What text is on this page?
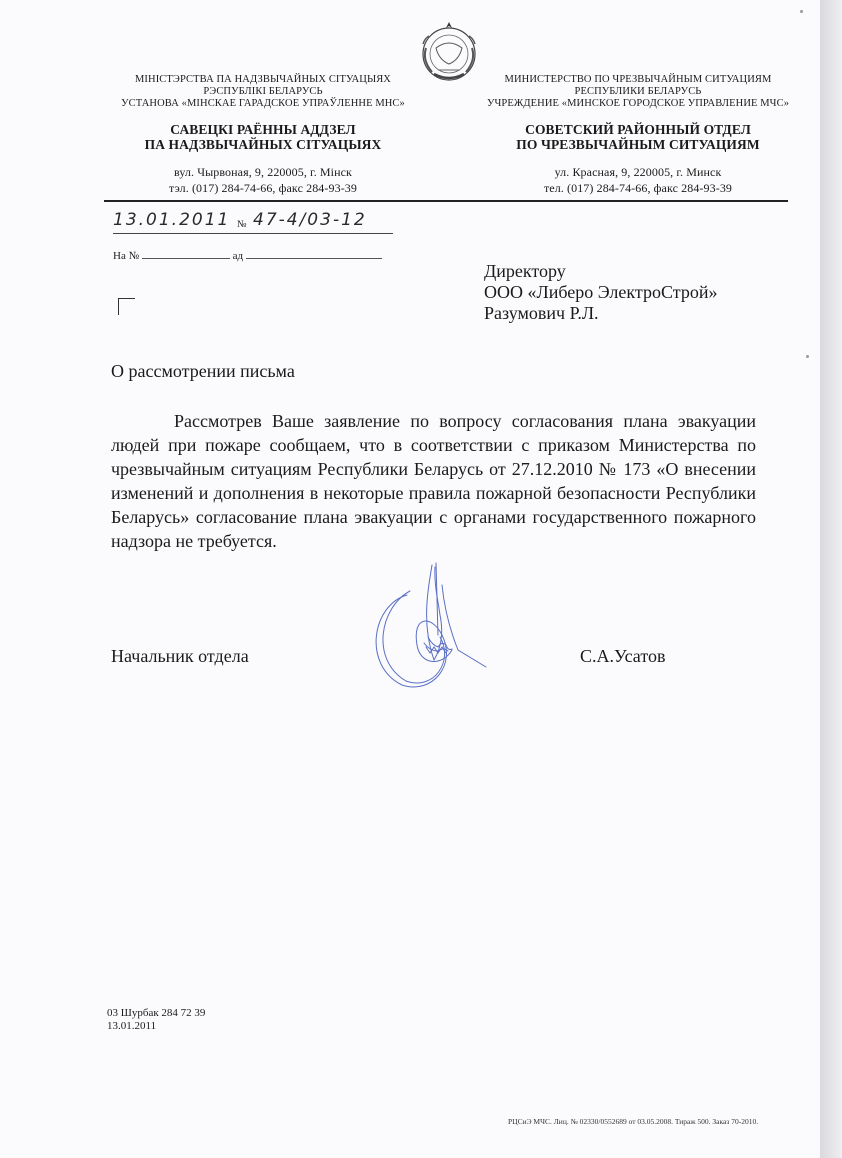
МІНІСТЭРСТВА ПА НАДЗВЫЧАЙНЫХ СІТУАЦЫЯХ
РЭСПУБЛІКІ БЕЛАРУСЬ
УСТАНОВА «МІНСКАЕ ГАРАДСКОЕ УПРАЎЛЕННЕ МНС»
САВЕЦКІ РАЁННЫ АДДЗЕЛ
ПА НАДЗВЫЧАЙНЫХ СІТУАЦЫЯХ
вул. Чырвоная, 9, 220005, г. Мінск
тэл. (017) 284-74-66, факс 284-93-39
МИНИСТЕРСТВО ПО ЧРЕЗВЫЧАЙНЫМ СИТУАЦИЯМ
РЕСПУБЛИКИ БЕЛАРУСЬ
УЧРЕЖДЕНИЕ «МИНСКОЕ ГОРОДСКОЕ УПРАВЛЕНИЕ МЧС»
СОВЕТСКИЙ РАЙОННЫЙ ОТДЕЛ
ПО ЧРЕЗВЫЧАЙНЫМ СИТУАЦИЯМ
ул. Красная, 9, 220005, г. Минск
тел. (017) 284-74-66, факс 284-93-39
13.01.2011 № 47-4/03-12
На №	ад
Директору
ООО «Либеро ЭлектроСтрой»
Разумович Р.Л.
О рассмотрении письма
Рассмотрев Ваше заявление по вопросу согласования плана эвакуации людей при пожаре сообщаем, что в соответствии с приказом Министерства по чрезвычайным ситуациям Республики Беларусь от 27.12.2010 № 173 «О внесении изменений и дополнения в некоторые правила пожарной безопасности Республики Беларусь» согласование плана эвакуации с органами государственного пожарного надзора не требуется.
Начальник отдела	С.А.Усатов
03 Шурбак 284 72 39
13.01.2011
РЦСиЭ МЧС. Лиц. № 02330/0552689 от 03.05.2008. Тираж 500. Заказ 70-2010.
